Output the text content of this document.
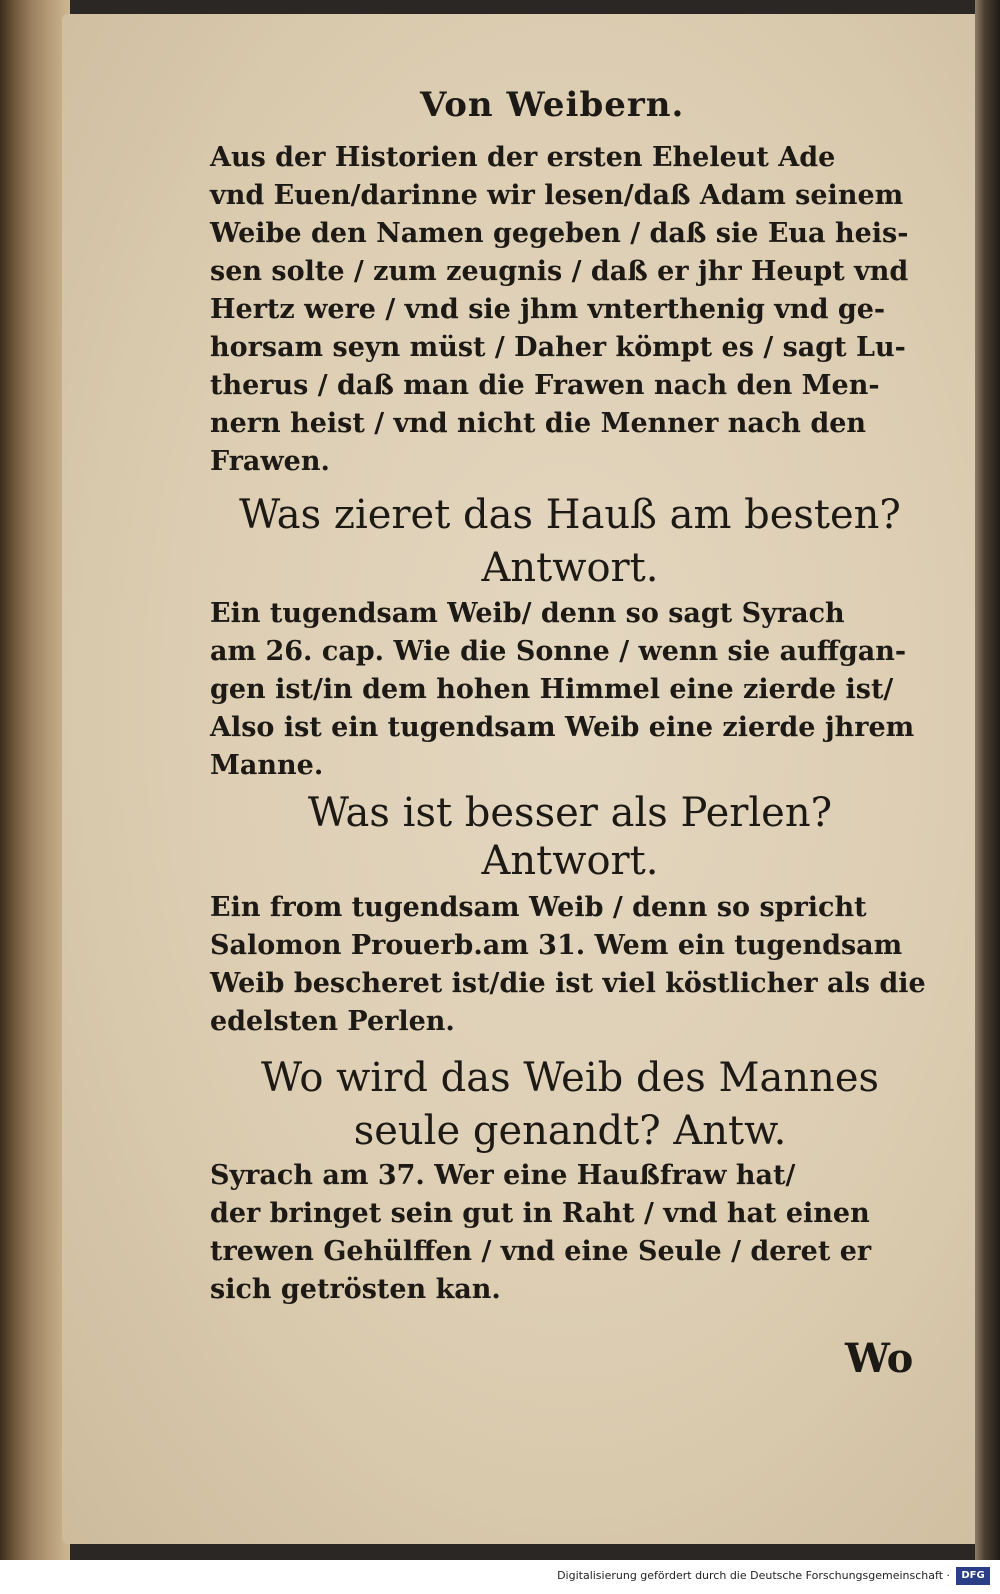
Von Weibern.
Aus der Historien der ersten Eheleut Ade
vnd Euen/darinne wir lesen/daß Adam seinem
Weibe den Namen gegeben / daß sie Eua heis-
sen solte / zum zeugnis / daß er jhr Heupt vnd
Hertz were / vnd sie jhm vnterthenig vnd ge-
horsam seyn müst / Daher kömpt es / sagt Lu-
therus / daß man die Frawen nach den Men-
nern heist / vnd nicht die Menner nach den
Frawen.
Was zieret das Hauß am besten?
Antwort.
Ein tugendsam Weib/ denn so sagt Syrach
am 26. cap. Wie die Sonne / wenn sie auffgan-
gen ist/in dem hohen Himmel eine zierde ist/
Also ist ein tugendsam Weib eine zierde jhrem
Manne.
Was ist besser als Perlen?
Antwort.
Ein from tugendsam Weib / denn so spricht
Salomon Prouerb.am 31. Wem ein tugendsam
Weib bescheret ist/die ist viel köstlicher als die
edelsten Perlen.
Wo wird das Weib des Mannes
seule genandt? Antw.
Syrach am 37. Wer eine Haußfraw hat/
der bringet sein gut in Raht / vnd hat einen
trewen Gehülffen / vnd eine Seule / deret er
sich getrösten kan.
Wo
Digitalisierung gefördert durch die Deutsche Forschungsgemeinschaft ·	DFG
